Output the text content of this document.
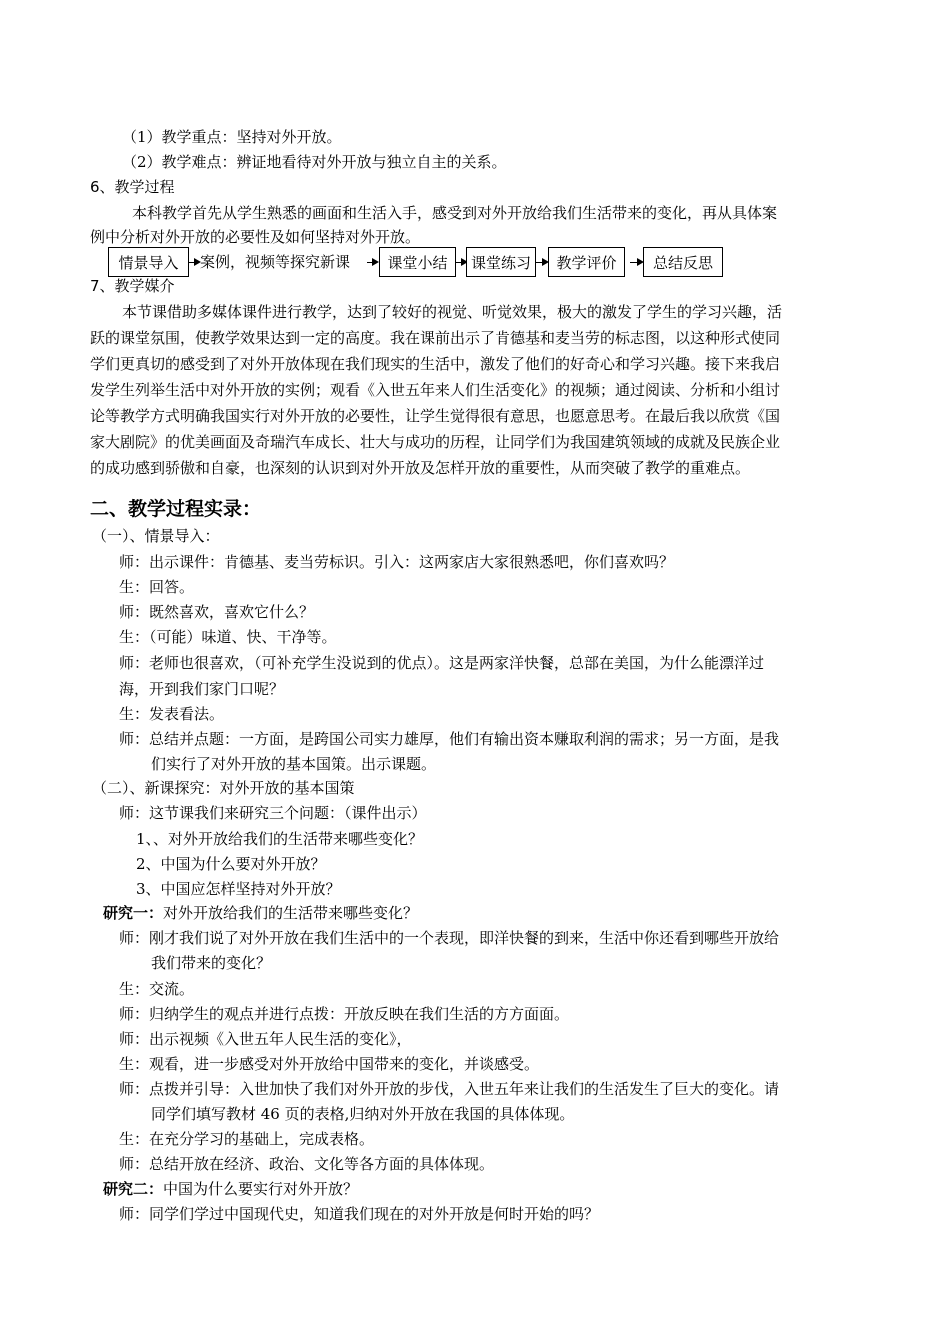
（1）教学重点：坚持对外开放。
（2）教学难点：辨证地看待对外开放与独立自主的关系。
6、教学过程
本科教学首先从学生熟悉的画面和生活入手，感受到对外开放给我们生活带来的变化，再从具体案
例中分析对外开放的必要性及如何坚持对外开放。
情景导入	案例，视频等探究新课	课堂小结	课堂练习	教学评价	总结反思
7、教学媒介
本节课借助多媒体课件进行教学，达到了较好的视觉、听觉效果，极大的激发了学生的学习兴趣，活
跃的课堂氛围，使教学效果达到一定的高度。我在课前出示了肯德基和麦当劳的标志图，以这种形式使同
学们更真切的感受到了对外开放体现在我们现实的生活中，激发了他们的好奇心和学习兴趣。接下来我启
发学生列举生活中对外开放的实例；观看《入世五年来人们生活变化》的视频；通过阅读、分析和小组讨
论等教学方式明确我国实行对外开放的必要性，让学生觉得很有意思，也愿意思考。在最后我以欣赏《国
家大剧院》的优美画面及奇瑞汽车成长、壮大与成功的历程，让同学们为我国建筑领域的成就及民族企业
的成功感到骄傲和自豪，也深刻的认识到对外开放及怎样开放的重要性，从而突破了教学的重难点。
二、教学过程实录：
（一）、情景导入：
师：出示课件：肯德基、麦当劳标识。引入：这两家店大家很熟悉吧，你们喜欢吗？
生：回答。
师：既然喜欢，喜欢它什么？
生：（可能）味道、快、干净等。
师：老师也很喜欢，（可补充学生没说到的优点）。这是两家洋快餐，总部在美国，为什么能漂洋过
海，开到我们家门口呢？
生：发表看法。
师：总结并点题：一方面，是跨国公司实力雄厚，他们有输出资本赚取利润的需求；另一方面，是我
们实行了对外开放的基本国策。出示课题。
（二）、新课探究：对外开放的基本国策
师：这节课我们来研究三个问题：（课件出示）
1、、对外开放给我们的生活带来哪些变化？
2、中国为什么要对外开放？
3、中国应怎样坚持对外开放？
研究一：对外开放给我们的生活带来哪些变化？
师：刚才我们说了对外开放在我们生活中的一个表现，即洋快餐的到来，生活中你还看到哪些开放给
我们带来的变化？
生：交流。
师：归纳学生的观点并进行点拨：开放反映在我们生活的方方面面。
师：出示视频《入世五年人民生活的变化》，
生：观看，进一步感受对外开放给中国带来的变化，并谈感受。
师：点拨并引导：入世加快了我们对外开放的步伐，入世五年来让我们的生活发生了巨大的变化。请
同学们填写教材 46 页的表格,归纳对外开放在我国的具体体现。
生：在充分学习的基础上，完成表格。
师：总结开放在经济、政治、文化等各方面的具体体现。
研究二：中国为什么要实行对外开放？
师：同学们学过中国现代史，知道我们现在的对外开放是何时开始的吗？
